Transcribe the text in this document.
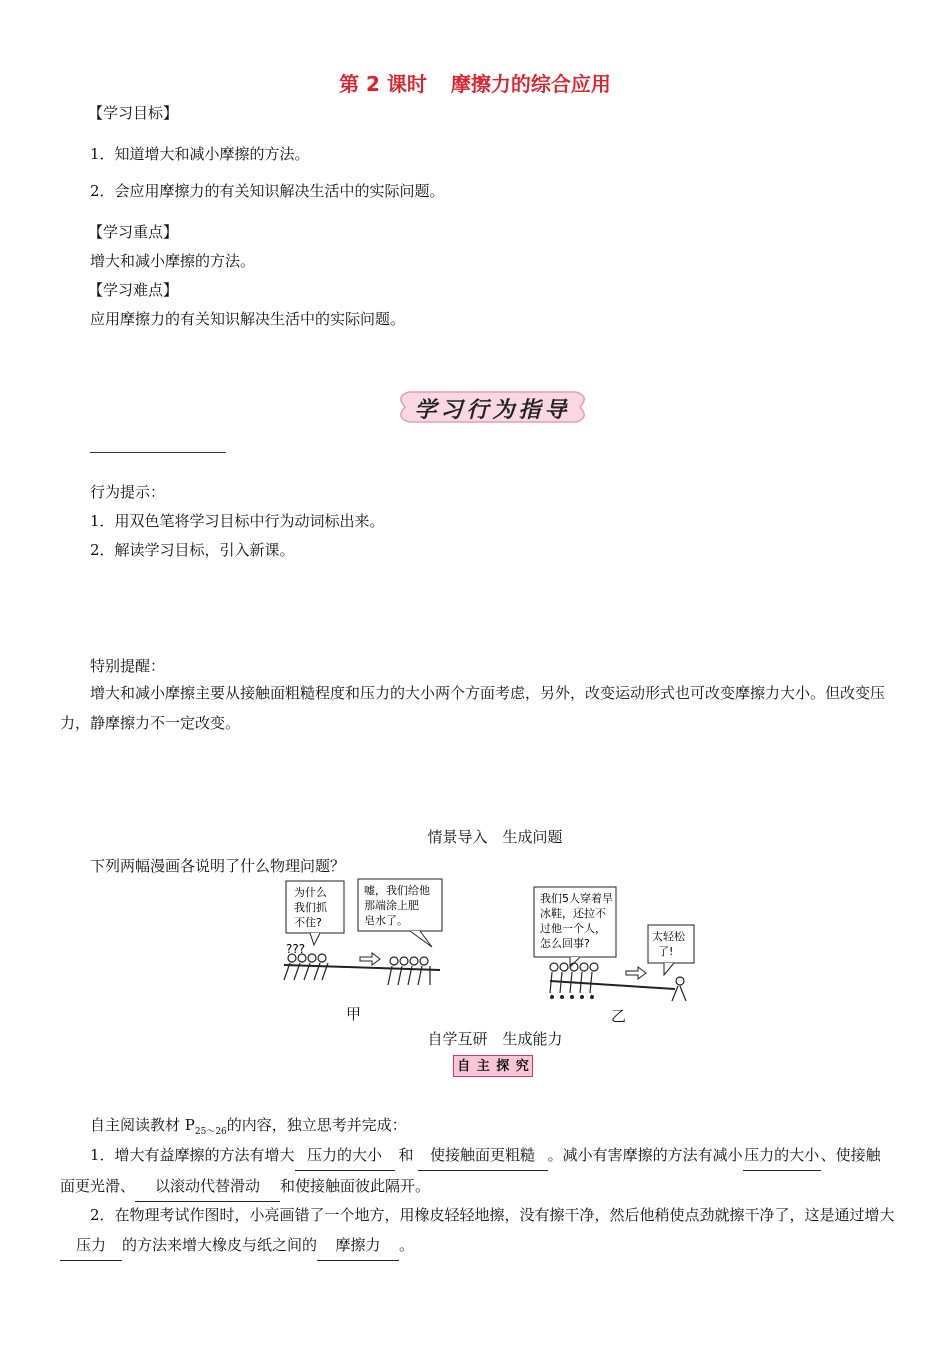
第 2 课时 摩擦力的综合应用
【学习目标】
1．知道增大和减小摩擦的方法。
2．会应用摩擦力的有关知识解决生活中的实际问题。
【学习重点】
增大和减小摩擦的方法。
【学习难点】
应用摩擦力的有关知识解决生活中的实际问题。
学习行为指导
行为提示：
1．用双色笔将学习目标中行为动词标出来。
2．解读学习目标，引入新课。
特别提醒：
增大和减小摩擦主要从接触面粗糙程度和压力的大小两个方面考虑，另外，改变运动形式也可改变摩擦力大小。但改变压力，静摩擦力不一定改变。
情景导入　生成问题
下列两幅漫画各说明了什么物理问题？
为什么
我们抓
不住?
嘘，我们给他
那端涂上肥
皂水了。
???
我们5人穿着旱
冰鞋，还拉不
过他一个人，
怎么回事?
太轻松
了!
甲	乙
自学互研　生成能力
自 主 探 究
自主阅读教材 $P_{25\sim 26}$的内容，独立思考并完成：
1．增大有益摩擦的方法有增大 压力的大小 和 使接触面更粗糙 。减小有害摩擦的方法有减小压力的大小 、使接触面更光滑、 以滚动代替滑动 和使接触面彼此隔开。
2．在物理考试作图时，小亮画错了一个地方，用橡皮轻轻地擦，没有擦干净，然后他稍使点劲就擦干净了，这是通过增大压力 的方法来增大橡皮与纸之间的 摩擦力 。
